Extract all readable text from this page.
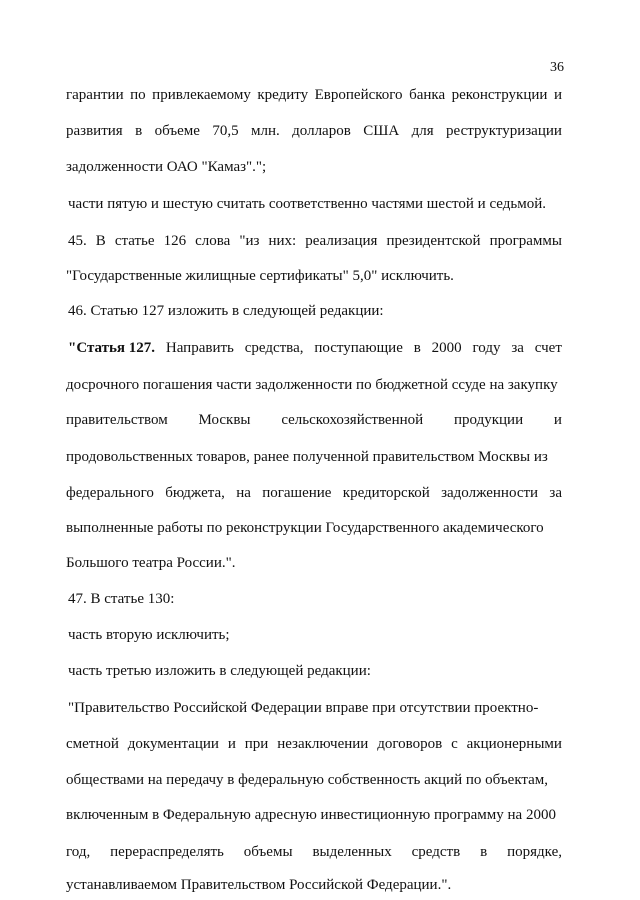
36
гарантии по привлекаемому кредиту Европейского банка реконструкции и
развития в объеме 70,5 млн. долларов США для реструктуризации
задолженности ОАО "Камаз".";
части пятую и шестую считать соответственно частями шестой и седьмой.
45. В статье 126 слова "из них: реализация президентской программы
"Государственные жилищные сертификаты" 5,0" исключить.
46. Статью 127 изложить в следующей редакции:
"Статья 127. Направить средства, поступающие в 2000 году за счет
досрочного погашения части задолженности по бюджетной ссуде на закупку
правительством Москвы сельскохозяйственной продукции и
продовольственных товаров, ранее полученной правительством Москвы из
федерального бюджета, на погашение кредиторской задолженности за
выполненные работы по реконструкции Государственного академического
Большого театра России.".
47. В статье 130:
часть вторую исключить;
часть третью изложить в следующей редакции:
"Правительство Российской Федерации вправе при отсутствии проектно-
сметной документации и при незаключении договоров с акционерными
обществами на передачу в федеральную собственность акций по объектам,
включенным в Федеральную адресную инвестиционную программу на 2000
год, перераспределять объемы выделенных средств в порядке,
устанавливаемом Правительством Российской Федерации.".
